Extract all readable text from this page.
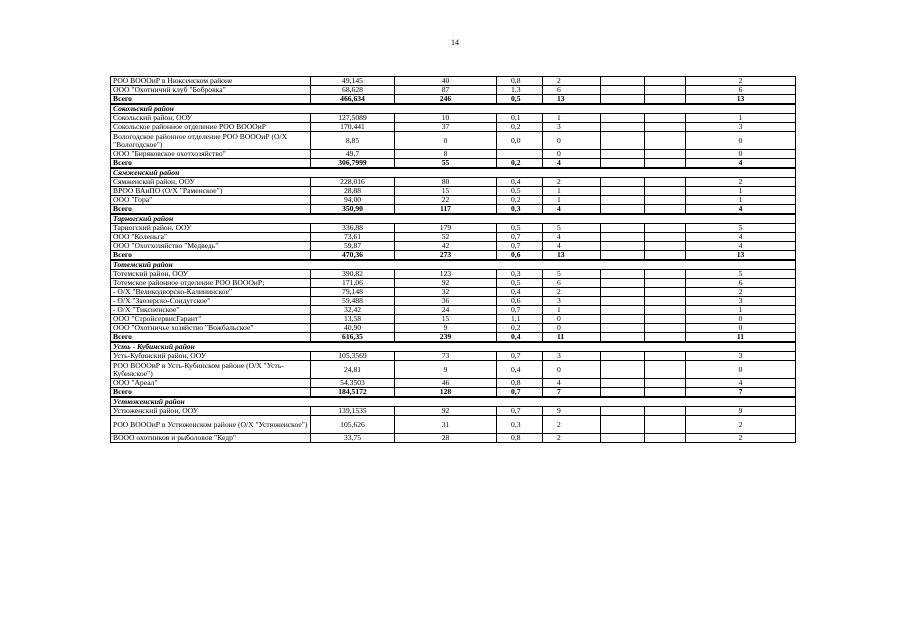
14
РОО ВОООиР в Нюксенском районе	49,145	40	0,8	2			2
ООО "Охотничий клуб "Бобровка"	68,628	87	1,3	6			6
Всего	466,634	246	0,5	13			13
Сокольский район							
Сокольский район, ООУ	127,5089	10	0,1	1			1
Сокольское районное отделение РОО ВОООиР	170,441	37	0,2	3			3
Вологодское районное отделение РОО ВОООиР (О/Х "Вологодское")	8,85	0	0,0	0			0
ООО "Биряковское охотхозяйство"	49,7	8		0			0
Всего	306,7999	55	0,2	4			4
Сямженский район							
Сямженский район, ООУ	228,016	80	0,4	2			2
ВРОО ВАиПО (О/Х "Раменское")	28,88	15	0,5	1			1
ООО "Гора"	94,00	22	0,2	1			1
Всего	350,90	117	0,3	4			4
Тарногский район							
Тарногский район, ООУ	336,88	179	0,5	5			5
ООО "Коленьга"	73,61	52	0,7	4			4
ООО "Охотхозяйство "Медведь"	59,87	42	0,7	4			4
Всего	470,36	273	0,6	13			13
Тотемский район							
Тотемский район, ООУ	390,82	123	0,3	5			5
Тотемское районное отделение РОО ВОООиР;	171,06	92	0,5	6			6
- О/Х "Великодворско-Калининское"	79,148	32	0,4	2			2
- О/Х "Заозерско-Сондугское"	59,488	36	0,6	3			3
- О/Х "Тиксненское"	32,42	24	0,7	1			1
ООО "СтройсервисГарант"	13,58	15	1,1	0			0
ООО "Охотничье хозяйство "Вожбальское"	40,90	9	0,2	0			0
Всего	616,35	239	0,4	11			11
Усть - Кубинский район							
Усть-Кубинский район, ООУ	105,3569	73	0,7	3			3
РОО ВОООиР в Усть-Кубинском районе (О/Х "Усть-Кубинское")	24,81	9	0,4	0			0
ООО "Ареал"	54,3503	46	0,8	4			4
Всего	184,5172	128	0,7	7			7
Устюженский район							
Устюженский район, ООУ	139,1535	92	0,7	9			9
РОО ВОООиР в Устюженском районе (О/Х "Устюженское")	105,626	31	0,3	2			2
ВОOО охотников и рыболовов "Кедр"	33,75	28	0,8	2			2
